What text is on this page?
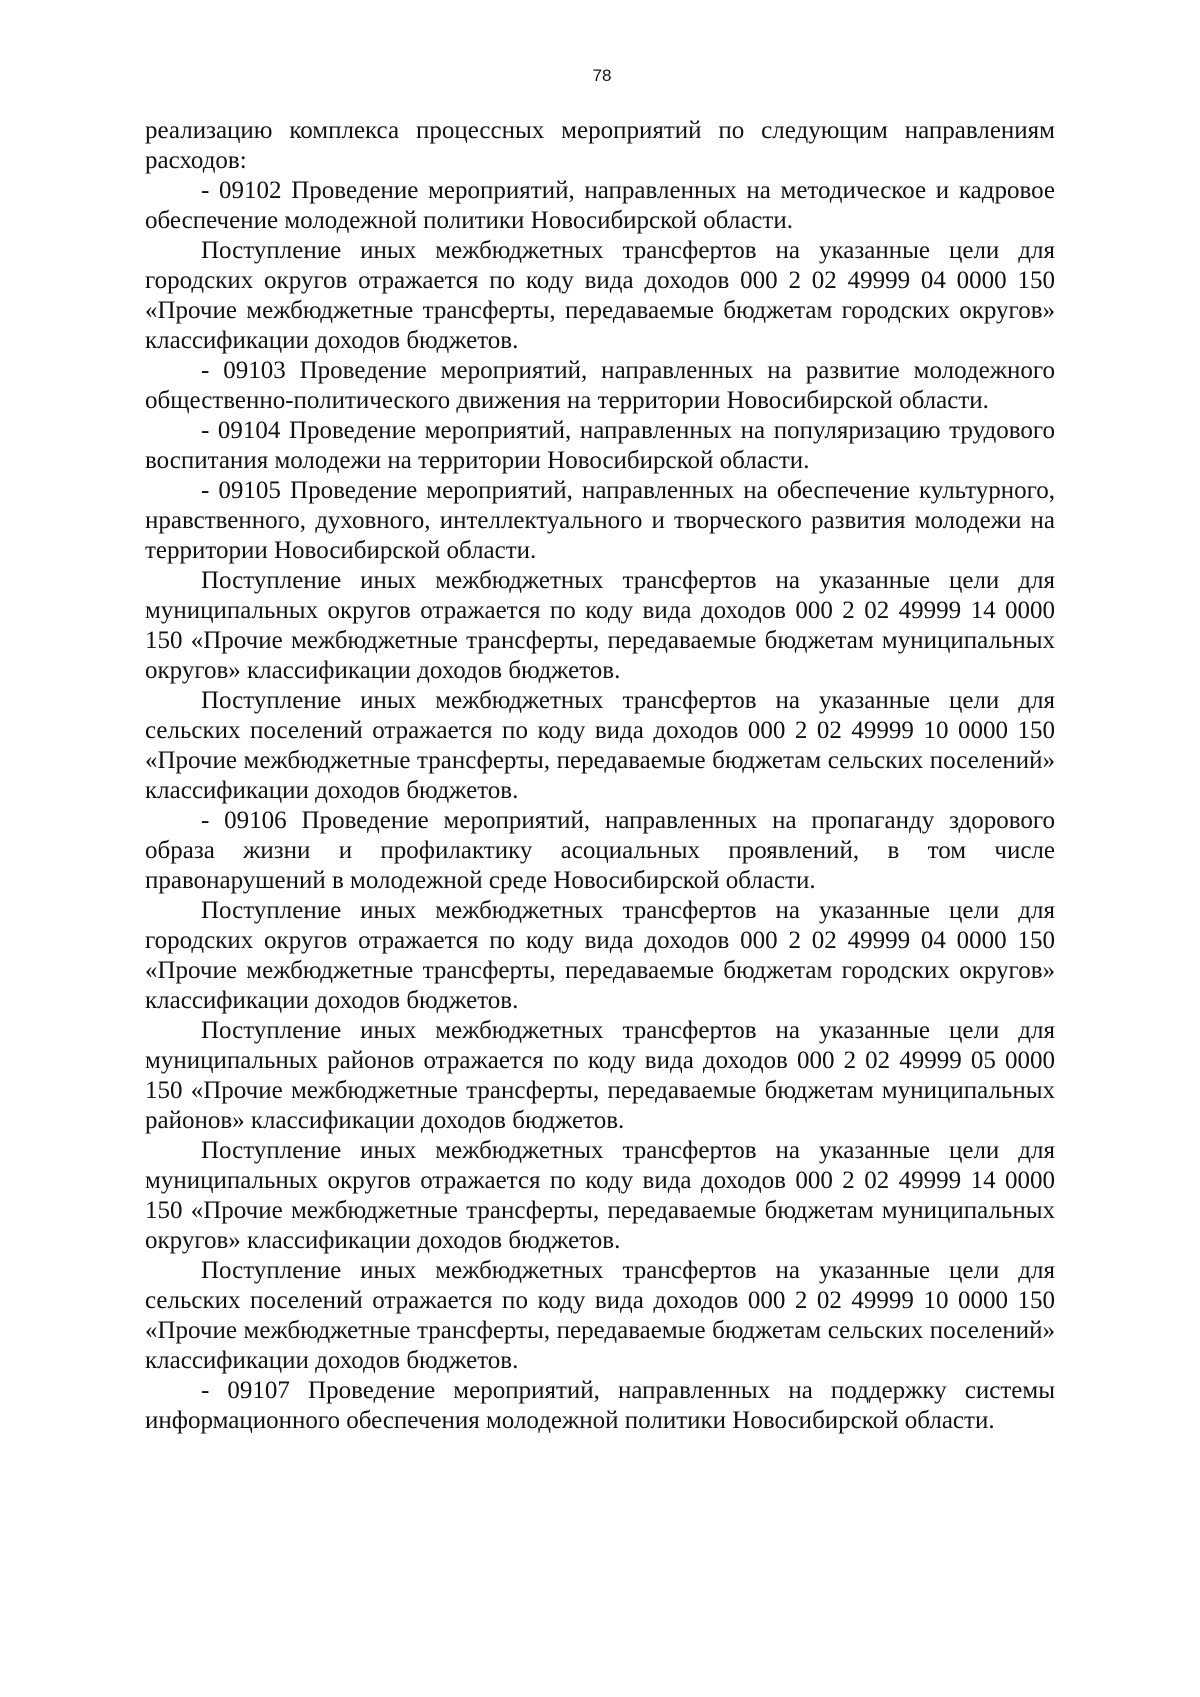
78

реализацию комплекса процессных мероприятий по следующим направлениям расходов:

- 09102 Проведение мероприятий, направленных на методическое и кадровое обеспечение молодежной политики Новосибирской области.

Поступление иных межбюджетных трансфертов на указанные цели для городских округов отражается по коду вида доходов 000 2 02 49999 04 0000 150 «Прочие межбюджетные трансферты, передаваемые бюджетам городских округов» классификации доходов бюджетов.

- 09103 Проведение мероприятий, направленных на развитие молодежного общественно-политического движения на территории Новосибирской области.

- 09104 Проведение мероприятий, направленных на популяризацию трудового воспитания молодежи на территории Новосибирской области.

- 09105 Проведение мероприятий, направленных на обеспечение культурного, нравственного, духовного, интеллектуального и творческого развития молодежи на территории Новосибирской области.

Поступление иных межбюджетных трансфертов на указанные цели для муниципальных округов отражается по коду вида доходов 000 2 02 49999 14 0000 150 «Прочие межбюджетные трансферты, передаваемые бюджетам муниципальных округов» классификации доходов бюджетов.

Поступление иных межбюджетных трансфертов на указанные цели для сельских поселений отражается по коду вида доходов 000 2 02 49999 10 0000 150 «Прочие межбюджетные трансферты, передаваемые бюджетам сельских поселений» классификации доходов бюджетов.

- 09106 Проведение мероприятий, направленных на пропаганду здорового образа жизни и профилактику асоциальных проявлений, в том числе правонарушений в молодежной среде Новосибирской области.

Поступление иных межбюджетных трансфертов на указанные цели для городских округов отражается по коду вида доходов 000 2 02 49999 04 0000 150 «Прочие межбюджетные трансферты, передаваемые бюджетам городских округов» классификации доходов бюджетов.

Поступление иных межбюджетных трансфертов на указанные цели для муниципальных районов отражается по коду вида доходов 000 2 02 49999 05 0000 150 «Прочие межбюджетные трансферты, передаваемые бюджетам муниципальных районов» классификации доходов бюджетов.

Поступление иных межбюджетных трансфертов на указанные цели для муниципальных округов отражается по коду вида доходов 000 2 02 49999 14 0000 150 «Прочие межбюджетные трансферты, передаваемые бюджетам муниципальных округов» классификации доходов бюджетов.

Поступление иных межбюджетных трансфертов на указанные цели для сельских поселений отражается по коду вида доходов 000 2 02 49999 10 0000 150 «Прочие межбюджетные трансферты, передаваемые бюджетам сельских поселений» классификации доходов бюджетов.

- 09107 Проведение мероприятий, направленных на поддержку системы информационного обеспечения молодежной политики Новосибирской области.
